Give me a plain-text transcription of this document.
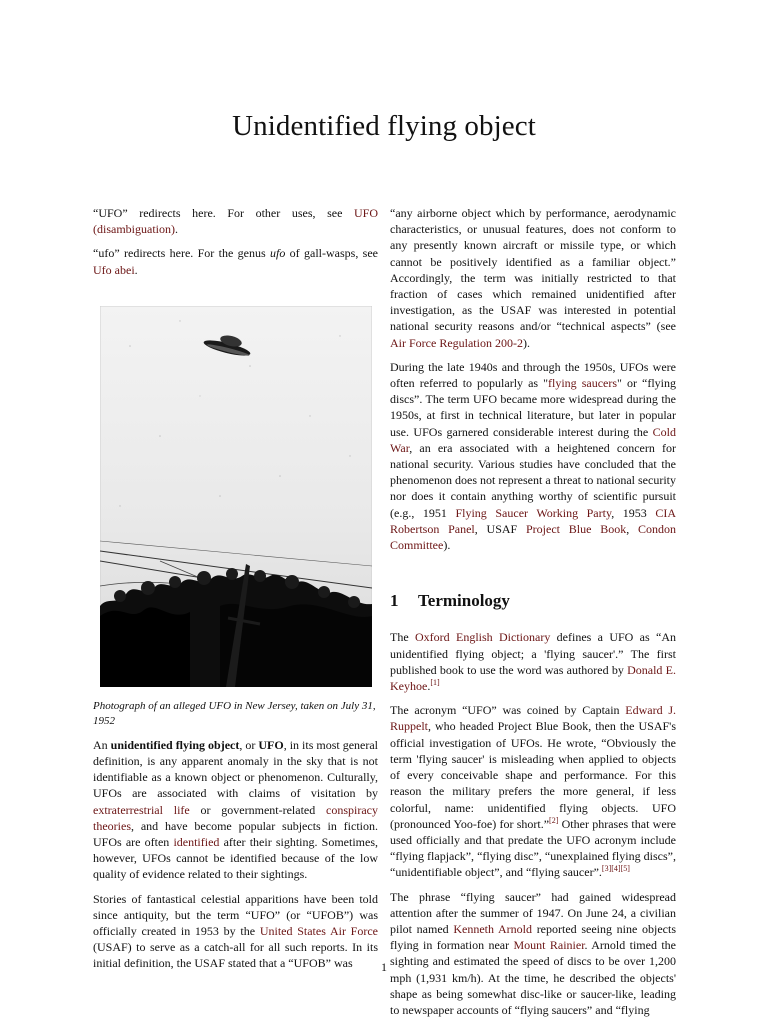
Unidentified flying object

“UFO” redirects here. For other uses, see UFO (disambiguation).

“ufo” redirects here. For the genus ufo of gall-wasps, see Ufo abei.

Photograph of an alleged UFO in New Jersey, taken on July 31, 1952

An unidentified flying object, or UFO, in its most general definition, is any apparent anomaly in the sky that is not identifiable as a known object or phenomenon. Culturally, UFOs are associated with claims of visitation by extraterrestrial life or government-related conspiracy theories, and have become popular subjects in fiction. UFOs are often identified after their sighting. Sometimes, however, UFOs cannot be identified because of the low quality of evidence related to their sightings.

Stories of fantastical celestial apparitions have been told since antiquity, but the term “UFO” (or “UFOB”) was officially created in 1953 by the United States Air Force (USAF) to serve as a catch-all for all such reports. In its initial definition, the USAF stated that a “UFOB” was

“any airborne object which by performance, aerodynamic characteristics, or unusual features, does not conform to any presently known aircraft or missile type, or which cannot be positively identified as a familiar object.” Accordingly, the term was initially restricted to that fraction of cases which remained unidentified after investigation, as the USAF was interested in potential national security reasons and/or “technical aspects” (see Air Force Regulation 200-2).

During the late 1940s and through the 1950s, UFOs were often referred to popularly as "flying saucers" or “flying discs”. The term UFO became more widespread during the 1950s, at first in technical literature, but later in popular use. UFOs garnered considerable interest during the Cold War, an era associated with a heightened concern for national security. Various studies have concluded that the phenomenon does not represent a threat to national security nor does it contain anything worthy of scientific pursuit (e.g., 1951 Flying Saucer Working Party, 1953 CIA Robertson Panel, USAF Project Blue Book, Condon Committee).

1 Terminology

The Oxford English Dictionary defines a UFO as “An unidentified flying object; a 'flying saucer'.” The first published book to use the word was authored by Donald E. Keyhoe.[1]

The acronym “UFO” was coined by Captain Edward J. Ruppelt, who headed Project Blue Book, then the USAF's official investigation of UFOs. He wrote, “Obviously the term 'flying saucer' is misleading when applied to objects of every conceivable shape and performance. For this reason the military prefers the more general, if less colorful, name: unidentified flying objects. UFO (pronounced Yoo-foe) for short.”[2] Other phrases that were used officially and that predate the UFO acronym include “flying flapjack”, “flying disc”, “unexplained flying discs”, “unidentifiable object”, and “flying saucer”.[3][4][5]

The phrase “flying saucer” had gained widespread attention after the summer of 1947. On June 24, a civilian pilot named Kenneth Arnold reported seeing nine objects flying in formation near Mount Rainier. Arnold timed the sighting and estimated the speed of discs to be over 1,200 mph (1,931 km/h). At the time, he described the objects' shape as being somewhat disc-like or saucer-like, leading to newspaper accounts of “flying saucers” and “flying

1
